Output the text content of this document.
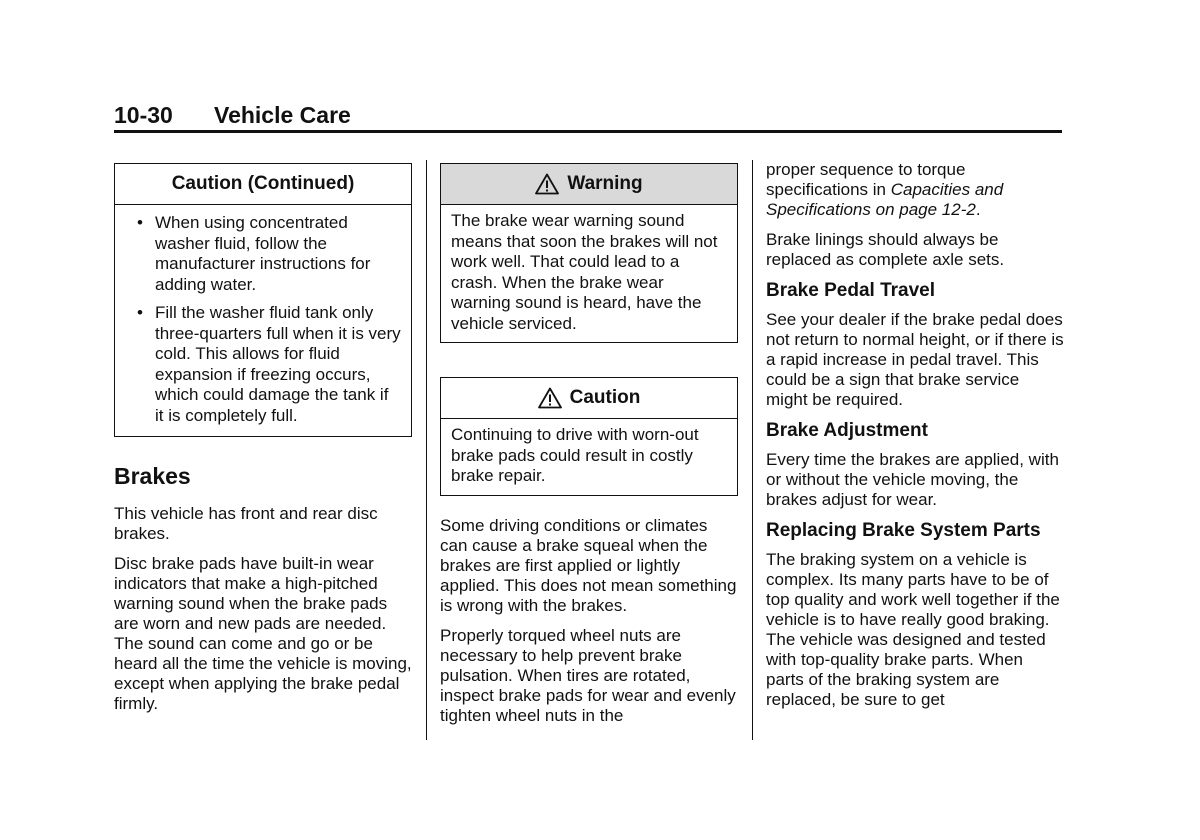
10-30 Vehicle Care
Caution (Continued)
• When using concentrated washer fluid, follow the manufacturer instructions for adding water.
• Fill the washer fluid tank only three-quarters full when it is very cold. This allows for fluid expansion if freezing occurs, which could damage the tank if it is completely full.
Brakes

This vehicle has front and rear disc brakes.

Disc brake pads have built-in wear indicators that make a high-pitched warning sound when the brake pads are worn and new pads are needed. The sound can come and go or be heard all the time the vehicle is moving, except when applying the brake pedal firmly.

Warning
The brake wear warning sound means that soon the brakes will not work well. That could lead to a crash. When the brake wear warning sound is heard, have the vehicle serviced.
Caution
Continuing to drive with worn-out brake pads could result in costly brake repair.

Some driving conditions or climates can cause a brake squeal when the brakes are first applied or lightly applied. This does not mean something is wrong with the brakes.

Properly torqued wheel nuts are necessary to help prevent brake pulsation. When tires are rotated, inspect brake pads for wear and evenly tighten wheel nuts in the

proper sequence to torque specifications in Capacities and Specifications on page 12-2.

Brake linings should always be replaced as complete axle sets.

Brake Pedal Travel

See your dealer if the brake pedal does not return to normal height, or if there is a rapid increase in pedal travel. This could be a sign that brake service might be required.

Brake Adjustment

Every time the brakes are applied, with or without the vehicle moving, the brakes adjust for wear.

Replacing Brake System Parts

The braking system on a vehicle is complex. Its many parts have to be of top quality and work well together if the vehicle is to have really good braking. The vehicle was designed and tested with top-quality brake parts. When parts of the braking system are replaced, be sure to get
